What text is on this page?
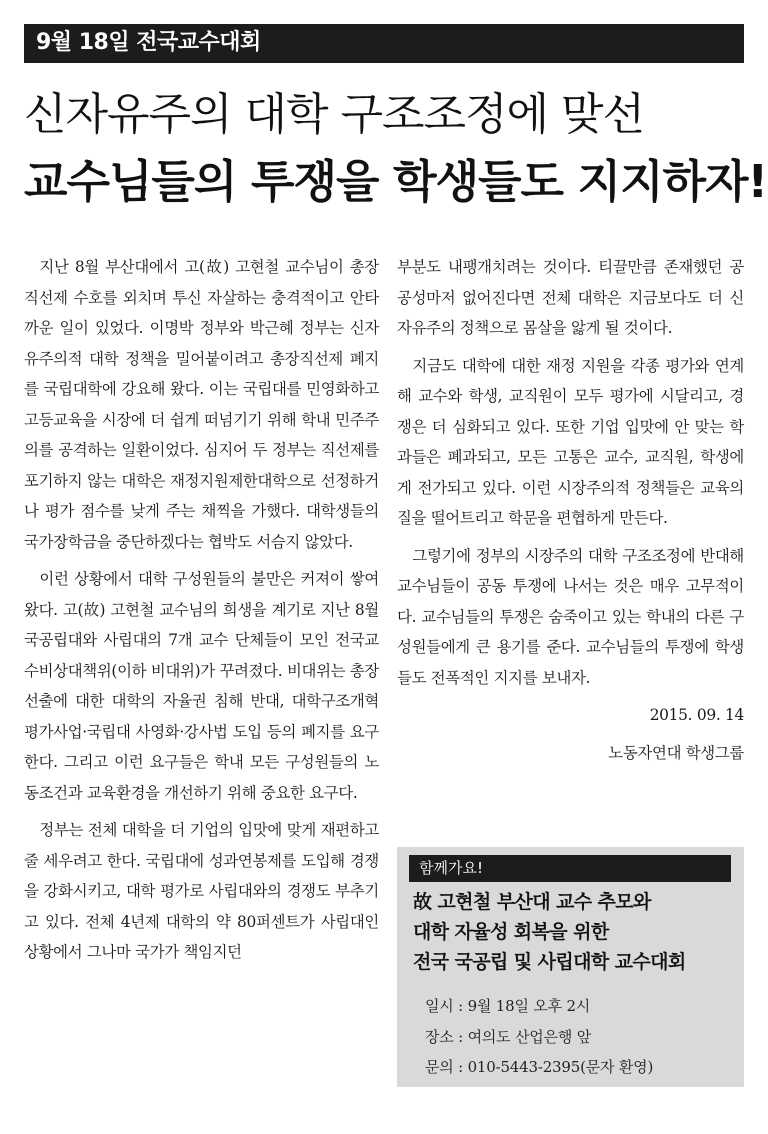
9월 18일 전국교수대회
신자유주의 대학 구조조정에 맞선
교수님들의 투쟁을 학생들도 지지하자!

지난 8월 부산대에서 고(故) 고현철 교수님이 총장직선제 수호를 외치며 투신 자살하는 충격적이고 안타까운 일이 있었다. 이명박 정부와 박근혜 정부는 신자유주의적 대학 정책을 밀어붙이려고 총장직선제 폐지를 국립대학에 강요해 왔다. 이는 국립대를 민영화하고 고등교육을 시장에 더 쉽게 떠넘기기 위해 학내 민주주의를 공격하는 일환이었다. 심지어 두 정부는 직선제를 포기하지 않는 대학은 재정지원제한대학으로 선정하거나 평가 점수를 낮게 주는 채찍을 가했다. 대학생들의 국가장학금을 중단하겠다는 협박도 서슴지 않았다.

이런 상황에서 대학 구성원들의 불만은 커져이 쌓여왔다. 고(故) 고현철 교수님의 희생을 계기로 지난 8월 국공립대와 사립대의 7개 교수 단체들이 모인 전국교수비상대책위(이하 비대위)가 꾸려졌다. 비대위는 총장 선출에 대한 대학의 자율권 침해 반대, 대학구조개혁 평가사업·국립대 사영화·강사법 도입 등의 폐지를 요구한다. 그리고 이런 요구들은 학내 모든 구성원들의 노동조건과 교육환경을 개선하기 위해 중요한 요구다.

정부는 전체 대학을 더 기업의 입맛에 맞게 재편하고 줄 세우려고 한다. 국립대에 성과연봉제를 도입해 경쟁을 강화시키고, 대학 평가로 사립대와의 경쟁도 부추기고 있다. 전체 4년제 대학의 약 80퍼센트가 사립대인 상황에서 그나마 국가가 책임지던

부분도 내팽개치려는 것이다. 티끌만큼 존재했던 공공성마저 없어진다면 전체 대학은 지금보다도 더 신자유주의 정책으로 몸살을 앓게 될 것이다.

지금도 대학에 대한 재정 지원을 각종 평가와 연계해 교수와 학생, 교직원이 모두 평가에 시달리고, 경쟁은 더 심화되고 있다. 또한 기업 입맛에 안 맞는 학과들은 폐과되고, 모든 고통은 교수, 교직원, 학생에게 전가되고 있다. 이런 시장주의적 정책들은 교육의 질을 떨어트리고 학문을 편협하게 만든다.

그렇기에 정부의 시장주의 대학 구조조정에 반대해 교수님들이 공동 투쟁에 나서는 것은 매우 고무적이다. 교수님들의 투쟁은 숨죽이고 있는 학내의 다른 구성원들에게 큰 용기를 준다. 교수님들의 투쟁에 학생들도 전폭적인 지지를 보내자.

2015. 09. 14

노동자연대 학생그룹

함께가요!
故 고현철 부산대 교수 추모와
대학 자율성 회복을 위한
전국 국공립 및 사립대학 교수대회
일시 : 9월 18일 오후 2시
장소 : 여의도 산업은행 앞
문의 : 010-5443-2395(문자 환영)
